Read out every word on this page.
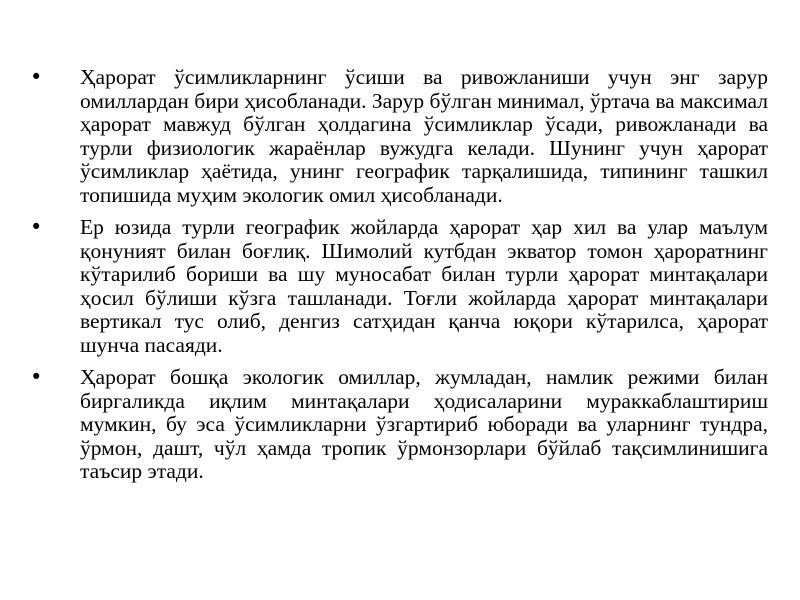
• Ҳарорат ўсимликларнинг ўсиши ва ривожланиши учун энг зарур омиллардан бири ҳисобланади. Зарур бўлган минимал, ўртача ва максимал ҳарорат мавжуд бўлган ҳолдагина ўсимликлар ўсади, ривожланади ва турли физиологик жараёнлар вужудга келади. Шунинг учун ҳарорат ўсимликлар ҳаётида, унинг географик тарқалишида, типининг ташкил топишида муҳим экологик омил ҳисобланади.
• Ер юзида турли географик жойларда ҳарорат ҳар хил ва улар маълум қонуният билан боғлиқ. Шимолий кутбдан экватор томон ҳароратнинг кўтарилиб бориши ва шу муносабат билан турли ҳарорат минтақалари ҳосил бўлиши кўзга ташланади. Тоғли жойларда ҳарорат минтақалари вертикал тус олиб, денгиз сатҳидан қанча юқори кўтарилса, ҳарорат шунча пасаяди.
• Ҳарорат бошқа экологик омиллар, жумладан, намлик режими билан биргаликда иқлим минтақалари ҳодисаларини мураккаблаштириш мумкин, бу эса ўсимликларни ўзгартириб юборади ва уларнинг тундра, ўрмон, дашт, чўл ҳамда тропик ўрмонзорлари бўйлаб тақсимлинишига таъсир этади.
